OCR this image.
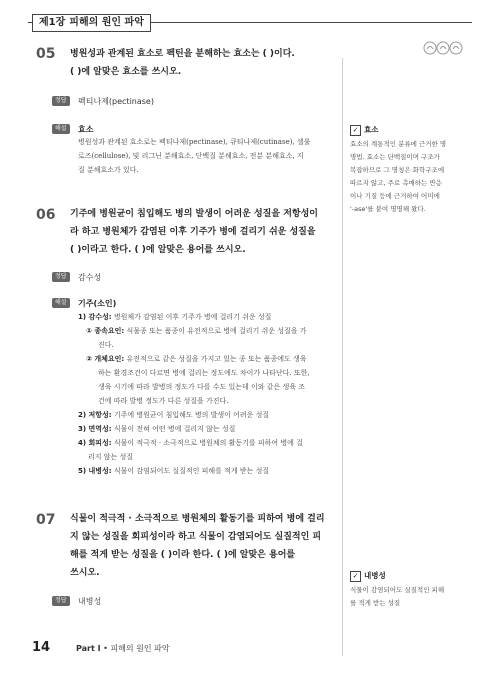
제1장 피해의 원인 파악
05 병원성과 관계된 효소로 펙틴을 분해하는 효소는 ( )이다.
( )에 알맞은 효소를 쓰시오.
정답	펙티나제(pectinase)
해설	효소
병원성과 관계된 효소로는 펙티나제(pectinase), 큐티나제(cutinase), 셀룰
로즈(cellulose), 및 리그닌 분해효소, 단백질 분해효소, 전분 분해효소, 지
질 분해효소가 있다.
06 기주에 병원균이 침입해도 병의 발생이 어려운 성질을 저항성이
라 하고 병원체가 감염된 이후 기주가 병에 걸리기 쉬운 성질을
( )이라고 한다. ( )에 알맞은 용어를 쓰시오.
정답	감수성
해설	기주(소인)
1) 감수성: 병원체가 감염된 이후 기주가 병에 걸리기 쉬운 성질
① 종속요인: 식물종 또는 품종이 유전적으로 병에 걸리기 쉬운 성질을 가
진다.
② 개체요인: 유전적으로 같은 성질을 가지고 있는 종 또는 품종에도 생육
하는 환경조건이 다르면 병에 걸리는 정도에도 차이가 나타난다. 또한,
생육 시기에 따라 발병의 정도가 다를 수도 있는데 이와 같은 생육 조
건에 따라 발병 정도가 다른 성질을 가진다.
2) 저항성: 기주에 병원균이 침입해도 병의 발생이 어려운 성질
3) 면역성: 식물이 전혀 어떤 병에 걸리지 않는 성질
4) 회피성: 식물이 적극적 · 소극적으로 병원체의 활동기를 피하여 병에 걸
리지 않는 성질
5) 내병성: 식물이 감염되어도 실질적인 피해를 적게 받는 성질
07 식물이 적극적 · 소극적으로 병원체의 활동기를 피하여 병에 걸리
지 않는 성질을 회피성이라 하고 식물이 감염되어도 실질적인 피
해를 적게 받는 성질을 ( )이라 한다. ( )에 알맞은 용어를
쓰시오.
정답	내병성
✓ 효소
효소의 계통적인 분류에 근거한 명
명법. 효소는 단백질이며 구조가
복잡하므로 그 명칭은 화학구조에
따르지 않고, 주로 촉매하는 반응
이나 기질 등에 근거하여 어미에
'-ase'를 붙여 명명해 왔다.
✓ 내병성
식물이 감염되어도 실질적인 피해
를 적게 받는 성질
14	Part I • 피해의 원인 파악
